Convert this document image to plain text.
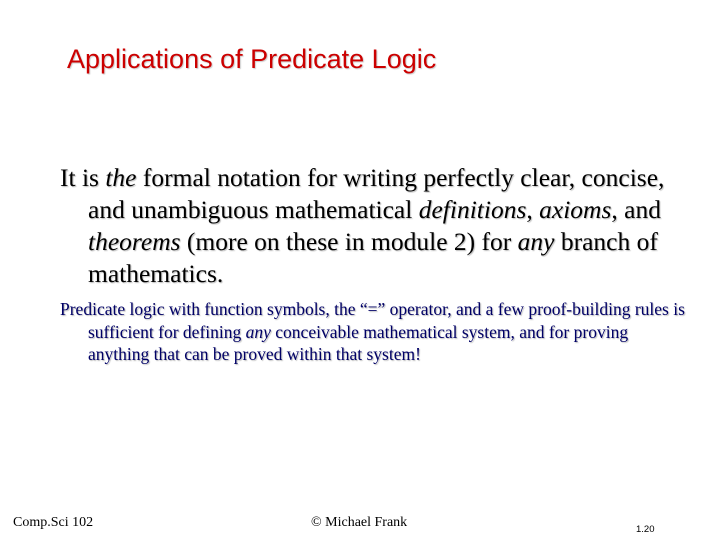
Applications of Predicate Logic
It is the formal notation for writing perfectly clear, concise, and unambiguous mathematical definitions, axioms, and theorems (more on these in module 2) for any branch of mathematics.
Predicate logic with function symbols, the “=” operator, and a few proof-building rules is sufficient for defining any conceivable mathematical system, and for proving anything that can be proved within that system!
Comp.Sci 102	© Michael Frank	1.20
